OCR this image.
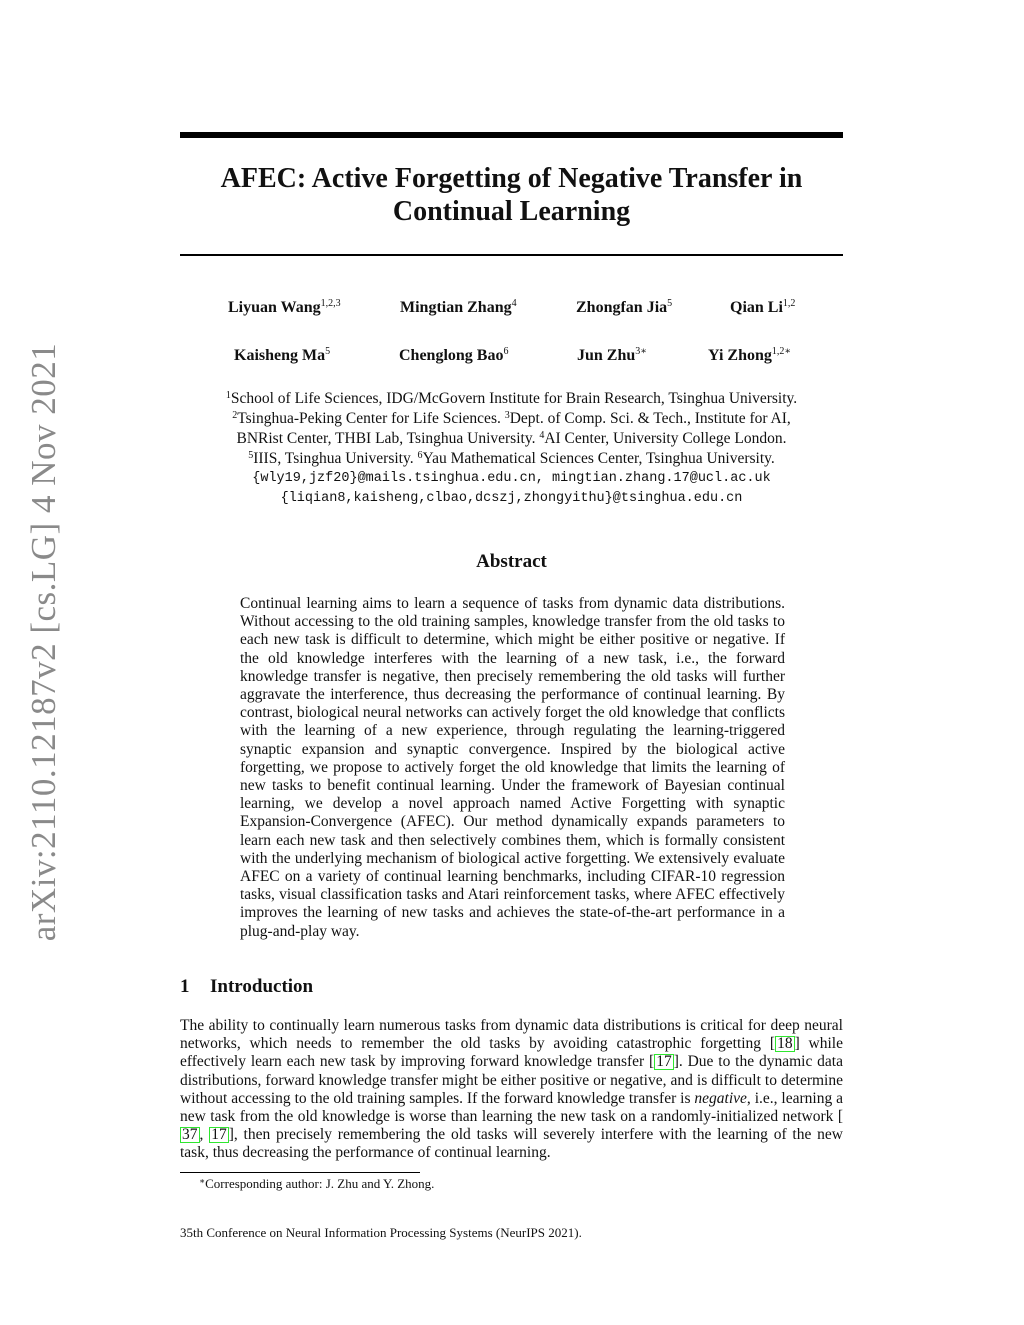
arXiv:2110.12187v2 [cs.LG] 4 Nov 2021
AFEC: Active Forgetting of Negative Transfer in Continual Learning
Liyuan Wang$^{1,2,3}$	Mingtian Zhang$^4$	Zhongfan Jia$^5$	Qian Li$^{1,2}$
Kaisheng Ma$^5$	Chenglong Bao$^6$	Jun Zhu$^{3∗}$	Yi Zhong$^{1,2∗}$
$^1$School of Life Sciences, IDG/McGovern Institute for Brain Research, Tsinghua University.
$^2$Tsinghua-Peking Center for Life Sciences. $^3$Dept. of Comp. Sci. & Tech., Institute for AI,
BNRist Center, THBI Lab, Tsinghua University. $^4$AI Center, University College London.
$^5$IIIS, Tsinghua University. $^6$Yau Mathematical Sciences Center, Tsinghua University.
{wly19,jzf20}@mails.tsinghua.edu.cn, mingtian.zhang.17@ucl.ac.uk
{liqian8,kaisheng,clbao,dcszj,zhongyithu}@tsinghua.edu.cn
Abstract

Continual learning aims to learn a sequence of tasks from dynamic data distributions. Without accessing to the old training samples, knowledge transfer from the old tasks to each new task is difficult to determine, which might be either positive or negative. If the old knowledge interferes with the learning of a new task, i.e., the forward knowledge transfer is negative, then precisely remembering the old tasks will further aggravate the interference, thus decreasing the performance of continual learning. By contrast, biological neural networks can actively forget the old knowledge that conflicts with the learning of a new experience, through regulating the learning-triggered synaptic expansion and synaptic convergence. Inspired by the biological active forgetting, we propose to actively forget the old knowledge that limits the learning of new tasks to benefit continual learning. Under the framework of Bayesian continual learning, we develop a novel approach named Active Forgetting with synaptic Expansion-Convergence (AFEC). Our method dynamically expands parameters to learn each new task and then selectively combines them, which is formally consistent with the underlying mechanism of biological active forgetting. We extensively evaluate AFEC on a variety of continual learning benchmarks, including CIFAR-10 regression tasks, visual classification tasks and Atari reinforcement tasks, where AFEC effectively improves the learning of new tasks and achieves the state-of-the-art performance in a plug-and-play way.

1 Introduction

The ability to continually learn numerous tasks from dynamic data distributions is critical for deep neural networks, which needs to remember the old tasks by avoiding catastrophic forgetting [ 18 ] while effectively learn each new task by improving forward knowledge transfer [ 17 ]. Due to the dynamic data distributions, forward knowledge transfer might be either positive or negative, and is difficult to determine without accessing to the old training samples. If the forward knowledge transfer is negative, i.e., learning a new task from the old knowledge is worse than learning the new task on a randomly-initialized network [37 , 17 ], then precisely remembering the old tasks will severely interfere with the learning of the new task, thus decreasing the performance of continual learning.

∗Corresponding author: J. Zhu and Y. Zhong.
35th Conference on Neural Information Processing Systems (NeurIPS 2021).
